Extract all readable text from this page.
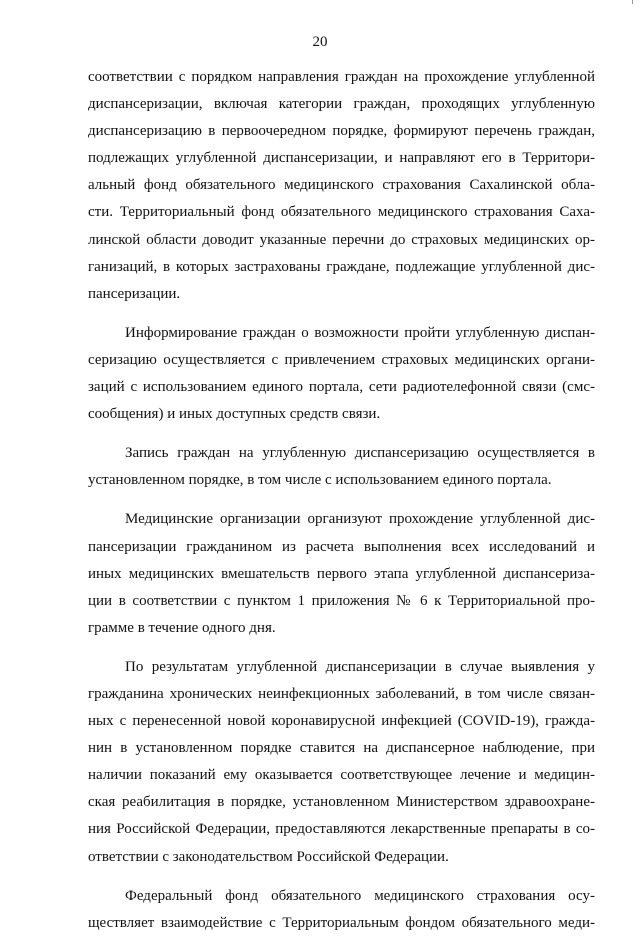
20
соответствии с порядком направления граждан на прохождение углубленной
диспансеризации, включая категории граждан, проходящих углубленную
диспансеризацию в первоочередном порядке, формируют перечень граждан,
подлежащих углубленной диспансеризации, и направляют его в Территори-
альный фонд обязательного медицинского страхования Сахалинской обла-
сти. Территориальный фонд обязательного медицинского страхования Саха-
линской области доводит указанные перечни до страховых медицинских ор-
ганизаций, в которых застрахованы граждане, подлежащие углубленной дис-
пансеризации.
Информирование граждан о возможности пройти углубленную диспан-
серизацию осуществляется с привлечением страховых медицинских органи-
заций с использованием единого портала, сети радиотелефонной связи (смс-
сообщения) и иных доступных средств связи.
Запись граждан на углубленную диспансеризацию осуществляется в
установленном порядке, в том числе с использованием единого портала.
Медицинские организации организуют прохождение углубленной дис-
пансеризации гражданином из расчета выполнения всех исследований и
иных медицинских вмешательств первого этапа углубленной диспансериза-
ции в соответствии с пунктом 1 приложения № 6 к Территориальной про-
грамме в течение одного дня.
По результатам углубленной диспансеризации в случае выявления у
гражданина хронических неинфекционных заболеваний, в том числе связан-
ных с перенесенной новой коронавирусной инфекцией (COVID-19), гражда-
нин в установленном порядке ставится на диспансерное наблюдение, при
наличии показаний ему оказывается соответствующее лечение и медицин-
ская реабилитация в порядке, установленном Министерством здравоохране-
ния Российской Федерации, предоставляются лекарственные препараты в со-
ответствии с законодательством Российской Федерации.
Федеральный фонд обязательного медицинского страхования осу-
ществляет взаимодействие с Территориальным фондом обязательного меди-
